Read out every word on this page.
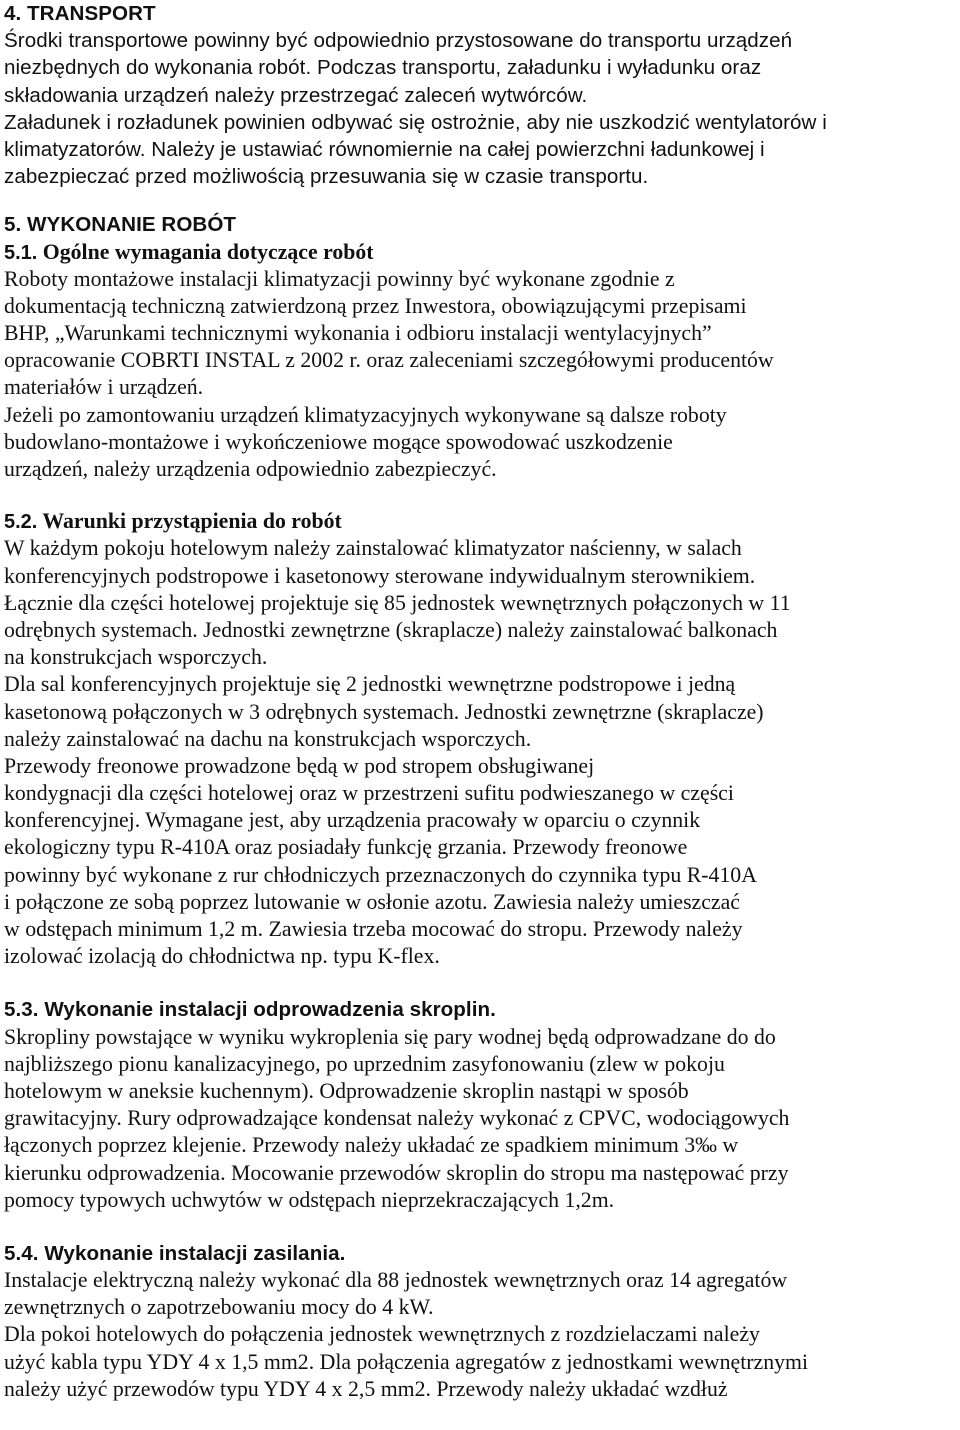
4. TRANSPORT
Środki transportowe powinny być odpowiednio przystosowane do transportu urządzeń
niezbędnych do wykonania robót. Podczas transportu, załadunku i wyładunku oraz
składowania urządzeń należy przestrzegać zaleceń wytwórców.
Załadunek i rozładunek powinien odbywać się ostrożnie, aby nie uszkodzić wentylatorów i
klimatyzatorów. Należy je ustawiać równomiernie na całej powierzchni ładunkowej i
zabezpieczać przed możliwością przesuwania się w czasie transportu.
5. WYKONANIE ROBÓT
5.1. Ogólne wymagania dotyczące robót
Roboty montażowe instalacji klimatyzacji powinny być wykonane zgodnie z
dokumentacją techniczną zatwierdzoną przez Inwestora, obowiązującymi przepisami
BHP, „Warunkami technicznymi wykonania i odbioru instalacji wentylacyjnych”
opracowanie COBRTI INSTAL z 2002 r. oraz zaleceniami szczegółowymi producentów
materiałów i urządzeń.
Jeżeli po zamontowaniu urządzeń klimatyzacyjnych wykonywane są dalsze roboty
budowlano-montażowe i wykończeniowe mogące spowodować uszkodzenie
urządzeń, należy urządzenia odpowiednio zabezpieczyć.
5.2. Warunki przystąpienia do robót
W każdym pokoju hotelowym należy zainstalować klimatyzator naścienny, w salach
konferencyjnych podstropowe i kasetonowy sterowane indywidualnym sterownikiem.
Łącznie dla części hotelowej projektuje się 85 jednostek wewnętrznych połączonych w 11
odrębnych systemach. Jednostki zewnętrzne (skraplacze) należy zainstalować balkonach
na konstrukcjach wsporczych.
Dla sal konferencyjnych projektuje się 2 jednostki wewnętrzne podstropowe i jedną
kasetonową połączonych w 3 odrębnych systemach. Jednostki zewnętrzne (skraplacze)
należy zainstalować na dachu na konstrukcjach wsporczych.
Przewody freonowe prowadzone będą w pod stropem obsługiwanej
kondygnacji dla części hotelowej oraz w przestrzeni sufitu podwieszanego w części
konferencyjnej. Wymagane jest, aby urządzenia pracowały w oparciu o czynnik
ekologiczny typu R-410A oraz posiadały funkcję grzania. Przewody freonowe
powinny być wykonane z rur chłodniczych przeznaczonych do czynnika typu R-410A
i połączone ze sobą poprzez lutowanie w osłonie azotu. Zawiesia należy umieszczać
w odstępach minimum 1,2 m. Zawiesia trzeba mocować do stropu. Przewody należy
izolować izolacją do chłodnictwa np. typu K-flex.
5.3. Wykonanie instalacji odprowadzenia skroplin.
Skropliny powstające w wyniku wykroplenia się pary wodnej będą odprowadzane do do
najbliższego pionu kanalizacyjnego, po uprzednim zasyfonowaniu (zlew w pokoju
hotelowym w aneksie kuchennym). Odprowadzenie skroplin nastąpi w sposób
grawitacyjny. Rury odprowadzające kondensat należy wykonać z CPVC, wodociągowych
łączonych poprzez klejenie. Przewody należy układać ze spadkiem minimum 3‰ w
kierunku odprowadzenia. Mocowanie przewodów skroplin do stropu ma następować przy
pomocy typowych uchwytów w odstępach nieprzekraczających 1,2m.
5.4. Wykonanie instalacji zasilania.
Instalacje elektryczną należy wykonać dla 88 jednostek wewnętrznych oraz 14 agregatów
zewnętrznych o zapotrzebowaniu mocy do 4 kW.
Dla pokoi hotelowych do połączenia jednostek wewnętrznych z rozdzielaczami należy
użyć kabla typu YDY 4 x 1,5 mm2. Dla połączenia agregatów z jednostkami wewnętrznymi
należy użyć przewodów typu YDY 4 x 2,5 mm2. Przewody należy układać wzdłuż
